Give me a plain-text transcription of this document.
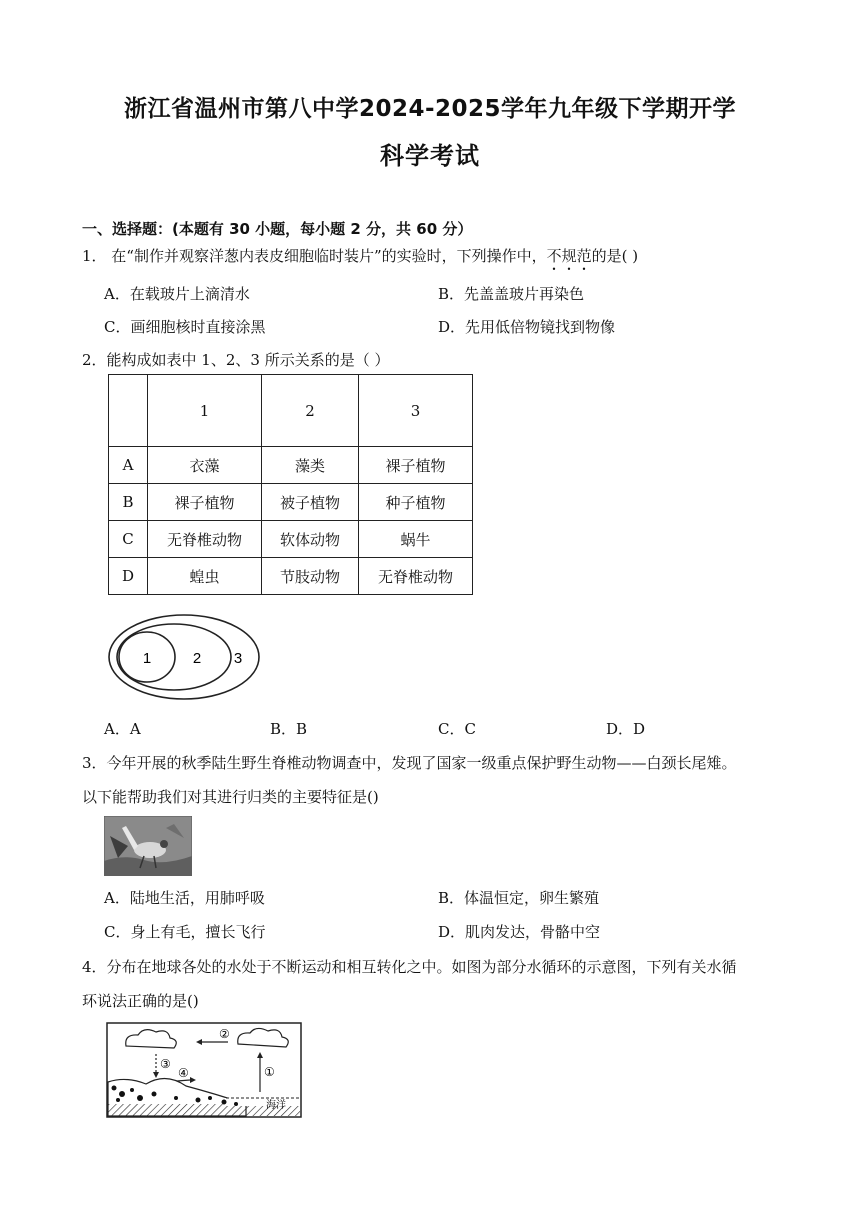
浙江省温州市第八中学2024-2025学年九年级下学期开学
科学考试
一、选择题：(本题有 30 小题，每小题 2 分，共 60 分）
1． 在“制作并观察洋葱内表皮细胞临时装片”的实验时，下列操作中，不规范的是( )
A．在载玻片上滴清水	B．先盖盖玻片再染色
C．画细胞核时直接涂黑	D．先用低倍物镜找到物像
2．能构成如表中 1、2、3 所示关系的是（ ）
	1	2	3
A	衣藻	藻类	裸子植物
B	裸子植物	被子植物	种子植物
C	无脊椎动物	软体动物	蜗牛
D	蝗虫	节肢动物	无脊椎动物
1	2 3
A．A	B．B	C．C	D．D
3．今年开展的秋季陆生野生脊椎动物调查中，发现了国家一级重点保护野生动物——白颈长尾雉。
以下能帮助我们对其进行归类的主要特征是()
A．陆地生活，用肺呼吸	B．体温恒定，卵生繁殖
C．身上有毛，擅长飞行	D．肌肉发达，骨骼中空
4．分布在地球各处的水处于不断运动和相互转化之中。如图为部分水循环的示意图，下列有关水循
环说法正确的是()
②
③
④	①
海洋
